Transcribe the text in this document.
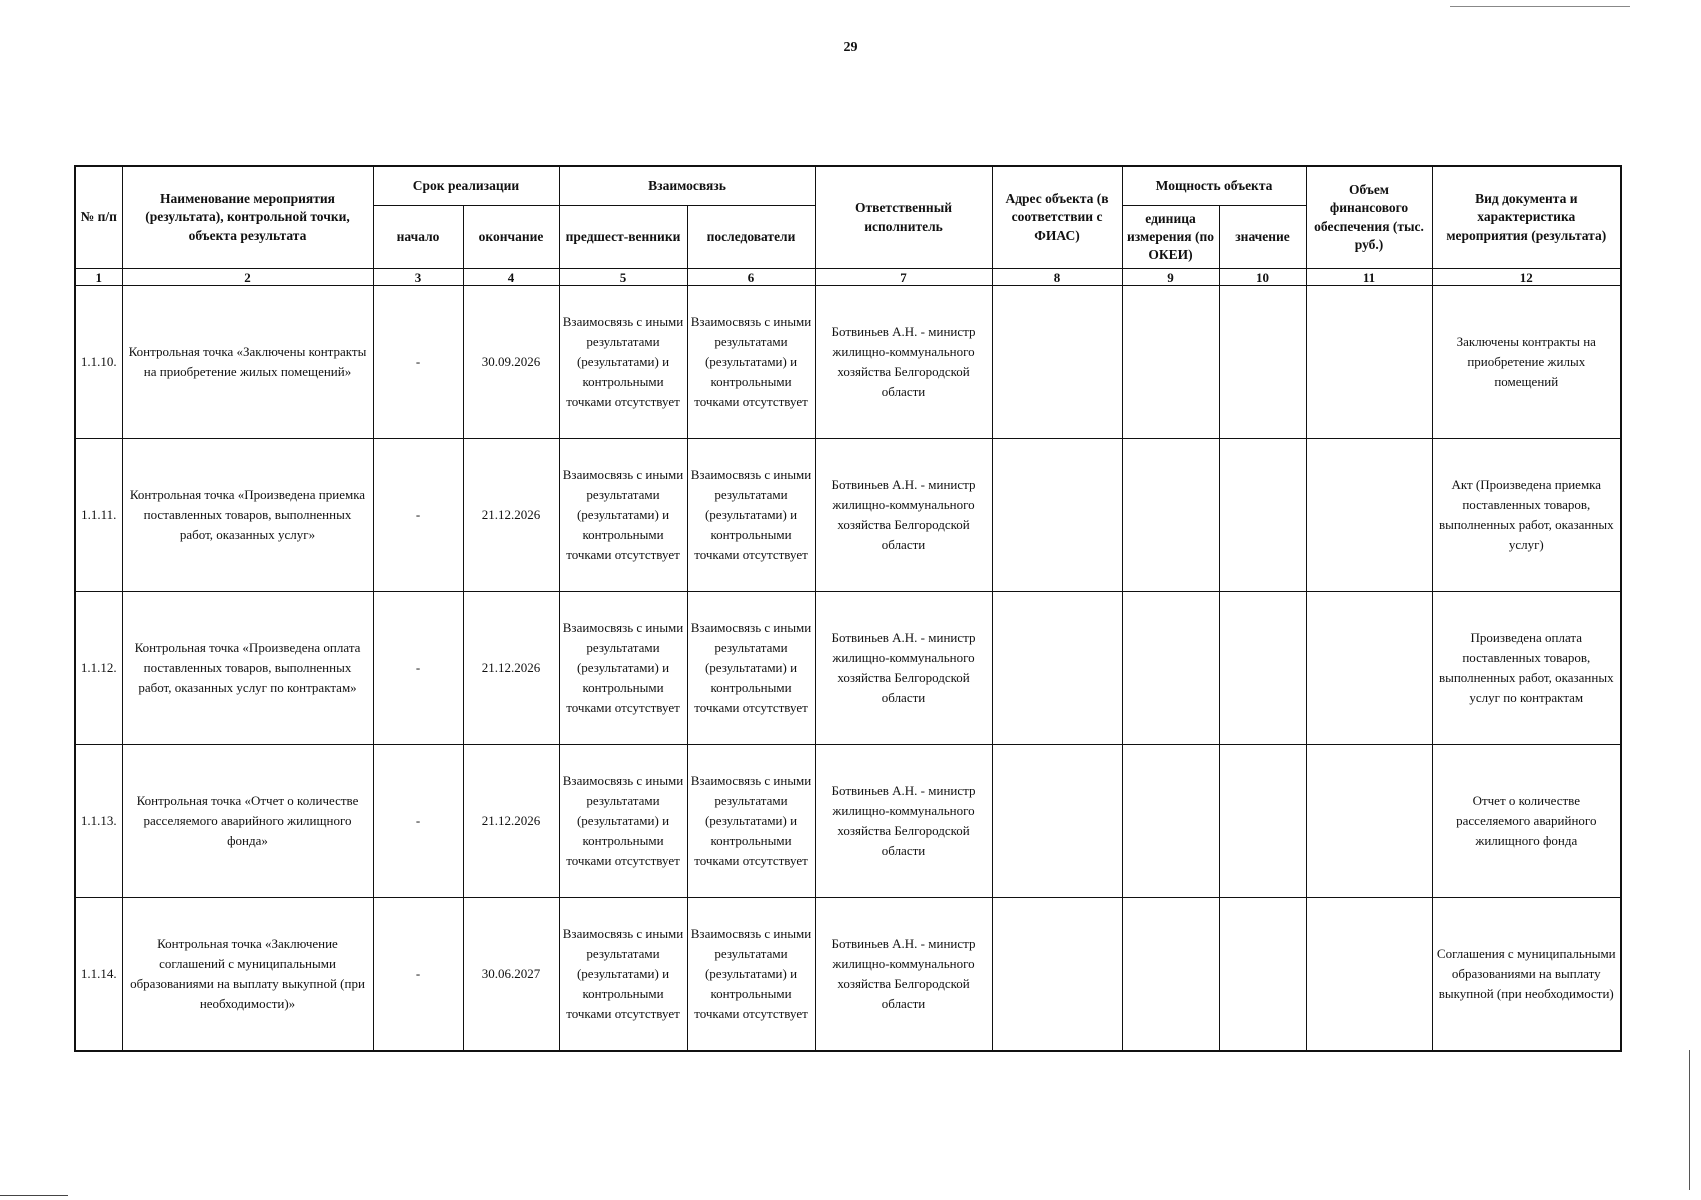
29
№ п/п	Наименование мероприятия (результата), контрольной точки, объекта результата	Срок реализации		Взаимосвязь		Ответственный исполнитель	Адрес объекта (в соответствии с ФИАС)	Мощность объекта		Объем финансового обеспечения (тыс. руб.)	Вид документа и характеристика мероприятия (результата)
		начало	окончание	предшест-венники	последователи			единица измерения (по ОКЕИ)	значение		
1	2	3	4	5	6	7	8	9	10	11	12
1.1.10.	Контрольная точка «Заключены контракты на приобретение жилых помещений»	-	30.09.2026	Взаимосвязь с иными результатами (результатами) и контрольными точками отсутствует	Взаимосвязь с иными результатами (результатами) и контрольными точками отсутствует	Ботвиньев А.Н. - министр жилищно-коммунального хозяйства Белгородской области					Заключены контракты на приобретение жилых помещений
1.1.11.	Контрольная точка «Произведена приемка поставленных товаров, выполненных работ, оказанных услуг»	-	21.12.2026	Взаимосвязь с иными результатами (результатами) и контрольными точками отсутствует	Взаимосвязь с иными результатами (результатами) и контрольными точками отсутствует	Ботвиньев А.Н. - министр жилищно-коммунального хозяйства Белгородской области					Акт (Произведена приемка поставленных товаров, выполненных работ, оказанных услуг)
1.1.12.	Контрольная точка «Произведена оплата поставленных товаров, выполненных работ, оказанных услуг по контрактам»	-	21.12.2026	Взаимосвязь с иными результатами (результатами) и контрольными точками отсутствует	Взаимосвязь с иными результатами (результатами) и контрольными точками отсутствует	Ботвиньев А.Н. - министр жилищно-коммунального хозяйства Белгородской области					Произведена оплата поставленных товаров, выполненных работ, оказанных услуг по контрактам
1.1.13.	Контрольная точка «Отчет о количестве расселяемого аварийного жилищного фонда»	-	21.12.2026	Взаимосвязь с иными результатами (результатами) и контрольными точками отсутствует	Взаимосвязь с иными результатами (результатами) и контрольными точками отсутствует	Ботвиньев А.Н. - министр жилищно-коммунального хозяйства Белгородской области					Отчет о количестве расселяемого аварийного жилищного фонда
1.1.14.	Контрольная точка «Заключение соглашений с муниципальными образованиями на выплату выкупной (при необходимости)»	-	30.06.2027	Взаимосвязь с иными результатами (результатами) и контрольными точками отсутствует	Взаимосвязь с иными результатами (результатами) и контрольными точками отсутствует	Ботвиньев А.Н. - министр жилищно-коммунального хозяйства Белгородской области					Соглашения с муниципальными образованиями на выплату выкупной (при необходимости)
